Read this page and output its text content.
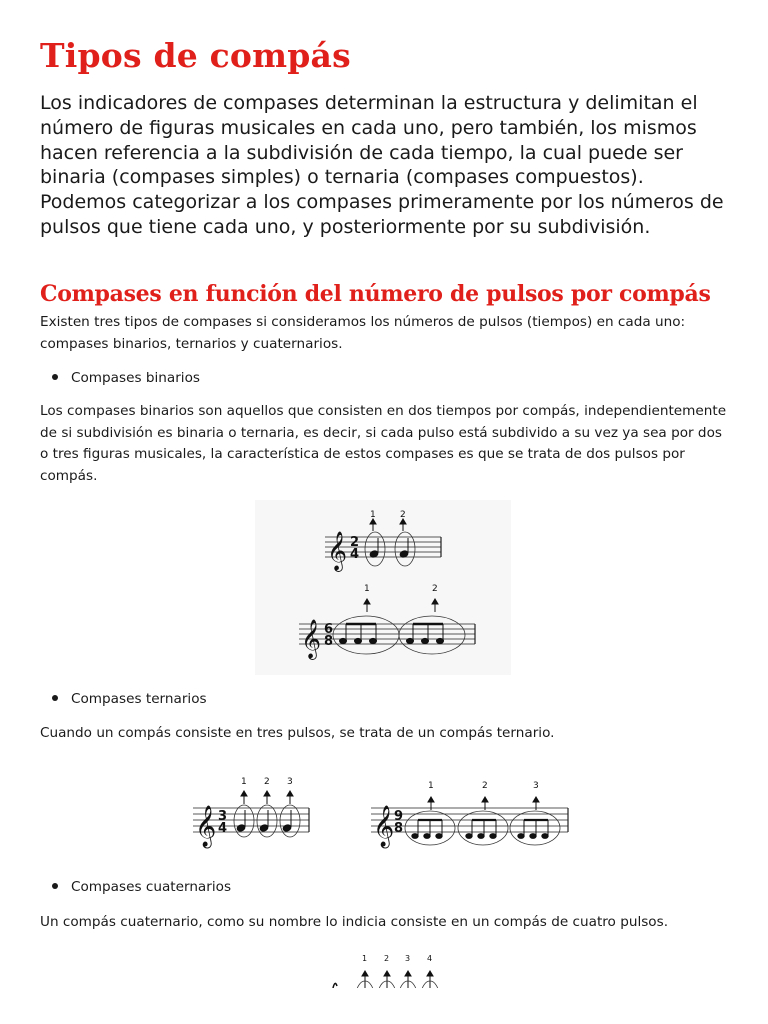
Tipos de compás

Los indicadores de compases determinan la estructura y delimitan el número de figuras musicales en cada uno, pero también, los mismos hacen referencia a la subdivisión de cada tiempo, la cual puede ser binaria (compases simples) o ternaria (compases compuestos). Podemos categorizar a los compases primeramente por los números de pulsos que tiene cada uno, y posteriormente por su subdivisión.

Compases en función del número de pulsos por compás

Existen tres tipos de compases si consideramos los números de pulsos (tiempos) en cada uno: compases binarios, ternarios y cuaternarios.

Compases binarios

Los compases binarios son aquellos que consisten en dos tiempos por compás, independientemente de si subdivisión es binaria o ternaria, es decir, si cada pulso está subdivido a su vez ya sea por dos o tres figuras musicales, la característica de estos compases es que se trata de dos pulsos por compás.

Compases ternarios

Cuando un compás consiste en tres pulsos, se trata de un compás ternario.

Compases cuaternarios

Un compás cuaternario, como su nombre lo indicia consiste en un compás de cuatro pulsos.

𝄞 2
4
1	2
𝄞 6
8
1	2
𝄞 3
4
1 2 3
𝄞 9
8
1	2	3
1 2 3 4
